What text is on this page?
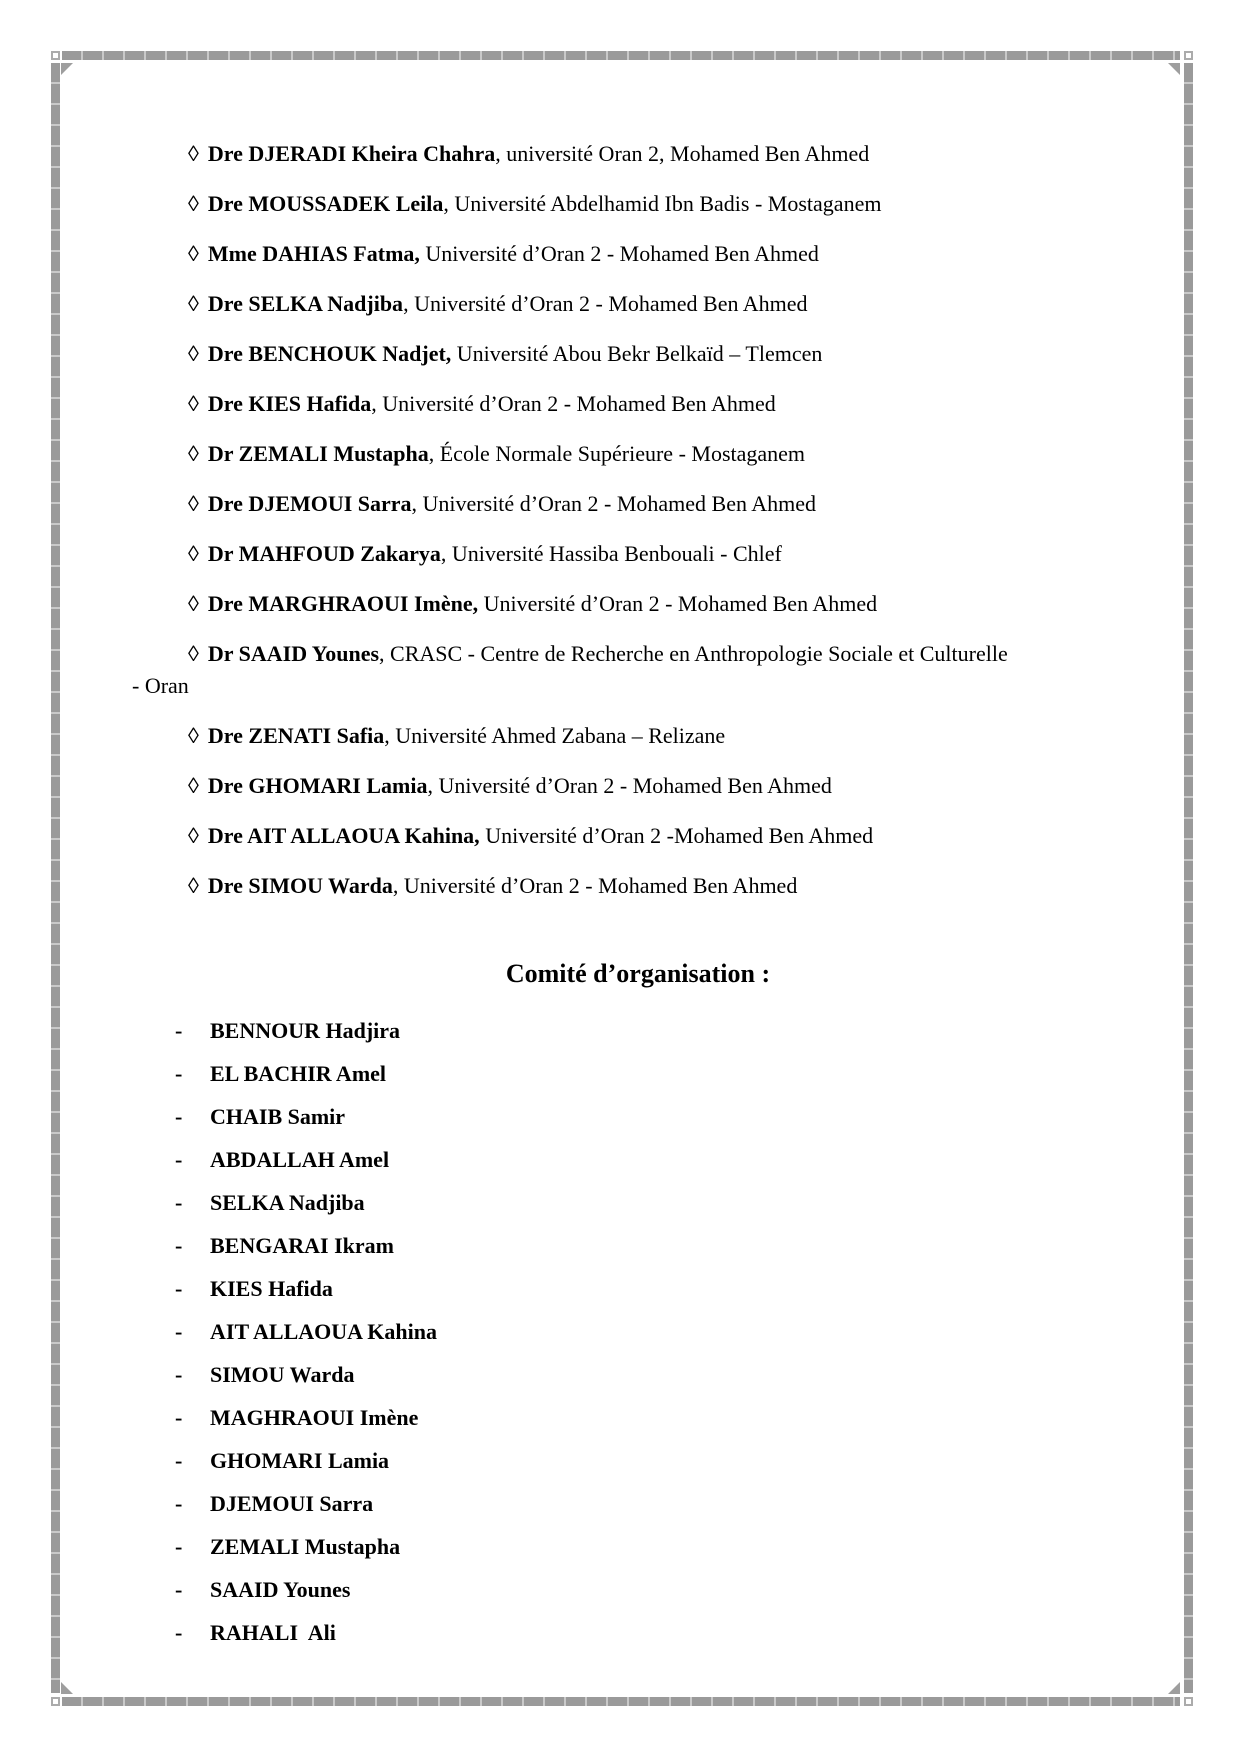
◊ Dre DJERADI Kheira Chahra, université Oran 2, Mohamed Ben Ahmed
◊ Dre MOUSSADEK Leila, Université Abdelhamid Ibn Badis - Mostaganem
◊ Mme DAHIAS Fatma, Université d’Oran 2 - Mohamed Ben Ahmed
◊ Dre SELKA Nadjiba, Université d’Oran 2 - Mohamed Ben Ahmed
◊ Dre BENCHOUK Nadjet, Université Abou Bekr Belkaïd – Tlemcen
◊ Dre KIES Hafida, Université d’Oran 2 - Mohamed Ben Ahmed
◊ Dr ZEMALI Mustapha, École Normale Supérieure - Mostaganem
◊ Dre DJEMOUI Sarra, Université d’Oran 2 - Mohamed Ben Ahmed
◊ Dr MAHFOUD Zakarya, Université Hassiba Benbouali - Chlef
◊ Dre MARGHRAOUI Imène, Université d’Oran 2 - Mohamed Ben Ahmed
◊ Dr SAAID Younes, CRASC - Centre de Recherche en Anthropologie Sociale et Culturelle
- Oran
◊ Dre ZENATI Safia, Université Ahmed Zabana – Relizane
◊ Dre GHOMARI Lamia, Université d’Oran 2 - Mohamed Ben Ahmed
◊ Dre AIT ALLAOUA Kahina, Université d’Oran 2 -Mohamed Ben Ahmed
◊ Dre SIMOU Warda, Université d’Oran 2 - Mohamed Ben Ahmed
Comité d’organisation :
- BENNOUR Hadjira
- EL BACHIR Amel
- CHAIB Samir
- ABDALLAH Amel
- SELKA Nadjiba
- BENGARAI Ikram
- KIES Hafida
- AIT ALLAOUA Kahina
- SIMOU Warda
- MAGHRAOUI Imène
- GHOMARI Lamia
- DJEMOUI Sarra
- ZEMALI Mustapha
- SAAID Younes
- RAHALI  Ali
